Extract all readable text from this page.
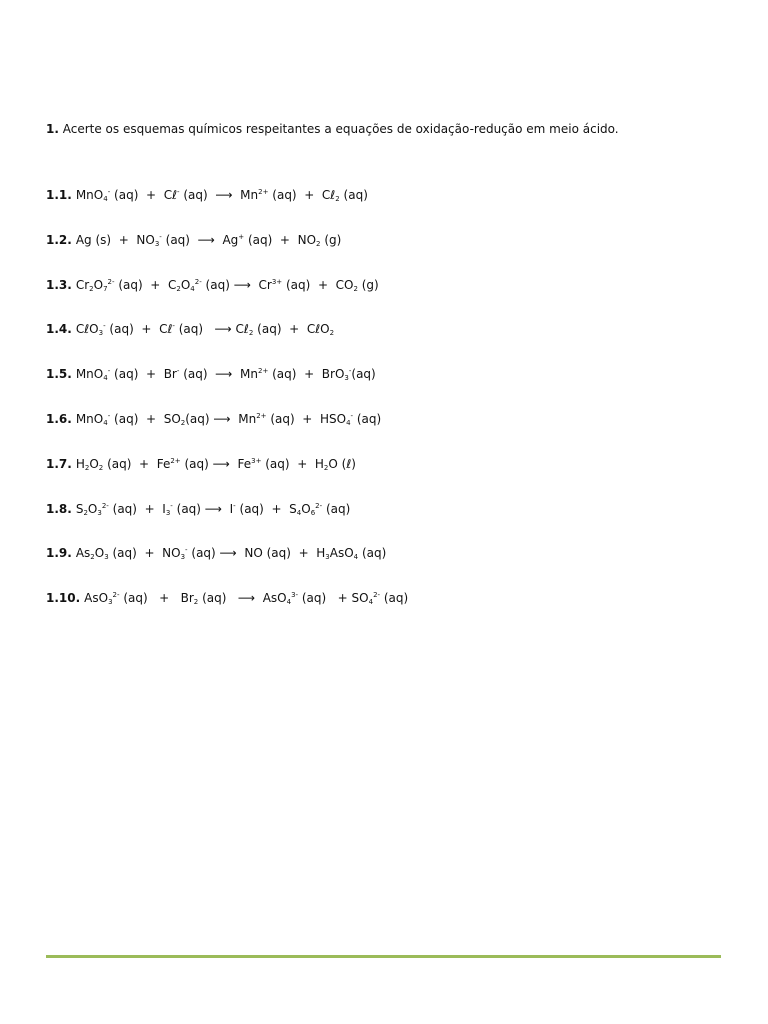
1. Acerte os esquemas químicos respeitantes a equações de oxidação-redução em meio ácido.
1.1. MnO$_4$- (aq)  +  Cℓ- (aq)  ⟶  $Mn^{2+}$ (aq)  +  Cℓ$_2$ (aq)
1.2. Ag $(s) + NO_3^-$ (aq)  ⟶  Ag+ $(aq) + NO_2$ (g)
1.3. $Cr_2O_7^{2-}$ $(aq) + C_2O_4^{2-}$ (aq) ⟶  $Cr^{3+}$ $(aq) + CO_2$ (g)
1.4. CℓO$_3$- (aq)  +  Cℓ- (aq)   ⟶ Cℓ$_2$ (aq)  +  CℓO$_2$
1.5. MnO$_4$- (aq)  +  Br- (aq)  ⟶  $Mn^{2+}$ (aq)  +  BrO$_3$-(aq)
1.6. MnO$_4$- $(aq) + SO_2(aq)$ ⟶  $Mn^{2+}$ $(aq) + HSO_4^-$ (aq)
1.7. $H_2O_2$ $(aq) + Fe^{2+}$ (aq) ⟶  $Fe^{3+}$ $(aq) + H_2O$ (ℓ)
1.8. $S_2O_3^{2-}$ $(aq) + I_3^-$ (aq) ⟶  I- $(aq) + S_4O_6^{2-}$ (aq)
1.9. $As_2O_3$ $(aq) + NO_3^-$ (aq) ⟶  NO $(aq) + H_3AsO_4$ (aq)
1.10. AsO$_3^{2-}$ $(aq) + Br_2$ (aq)   ⟶  AsO$_4^{3-}$ $(aq) + SO_4^{2-}$ (aq)
